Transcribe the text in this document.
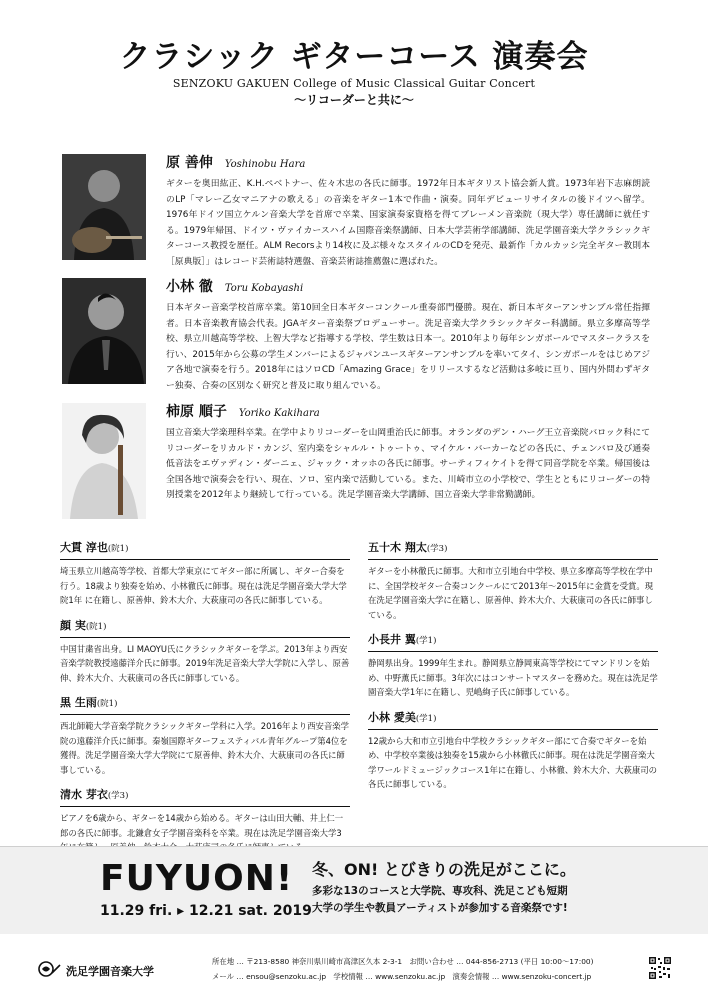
クラシック ギターコース 演奏会
SENZOKU GAKUEN College of Music Classical Guitar Concert
～リコーダーと共に～
原 善伸 Yoshinobu Hara
ギターを奥田紘正、K.H.ペベトナー、佐々木忠の各氏に師事。1972年日本ギタリスト協会新人賞。1973年岩下志麻朗読のLP「マレー乙女マニアナの歌える」の音楽をギター1本で作曲・演奏。同年デビューリサイタルの後ドイツへ留学。1976年ドイツ国立ケルン音楽大学を首席で卒業、国家演奏家資格を得てブレーメン音楽院（現大学）専任講師に就任する。1979年帰国、ドイツ・ヴァイカースハイム国際音楽祭講師、日本大学芸術学部講師、洗足学園音楽大学クラシックギターコース教授を歴任。ALM Recorsより14枚に及ぶ様々なスタイルのCDを発売、最新作「カルカッシ完全ギター教則本［原典版］」はレコード芸術誌特選盤、音楽芸術誌推薦盤に選ばれた。
小林 徹 Toru Kobayashi
日本ギター音楽学校首席卒業。第10回全日本ギターコンクール重奏部門優勝。現在、新日本ギターアンサンブル常任指揮者。日本音楽教育協会代表。JGAギター音楽祭プロデューサー。洗足音楽大学クラシックギター科講師。県立多摩高等学校、県立川越高等学校、上智大学など指導する学校、学生数は日本一。2010年より毎年シンガポールでマスタークラスを行い、2015年から公募の学生メンバーによるジャパンユースギターアンサンブルを率いてタイ、シンガポールをはじめアジア各地で演奏を行う。2018年にはソロCD「Amazing Grace」をリリースするなど活動は多岐に亘り、国内外問わずギター独奏、合奏の区別なく研究と普及に取り組んでいる。
柿原 順子 Yoriko Kakihara
国立音楽大学楽理科卒業。在学中よりリコーダーを山岡重治氏に師事。オランダのデン・ハーグ王立音楽院バロック科にてリコーダーをリカルド・カンジ、室内楽をシャルル・トゥートゥ、マイケル・バーカーなどの各氏に、チェンバロ及び通奏低音法をエヴァディン・ダーニェ、ジャック・オッホの各氏に師事。サーティフィケイトを得て同音学院を卒業。帰国後は全国各地で演奏会を行い、現在、ソロ、室内楽で活動している。また、川崎市立の小学校で、学生とともにリコーダーの特別授業を2012年より継続して行っている。洗足学園音楽大学講師、国立音楽大学非常勤講師。
大貫 淳也(院1)
埼玉県立川越高等学校、首都大学東京にてギター部に所属し、ギター合奏を行う。18歳より独奏を始め、小林徹氏に師事。現在は洗足学園音楽大学大学院1年 に在籍し、原善伸、鈴木大介、大萩康司の各氏に師事している。
顔 実(院1)
中国甘粛省出身。LI MAOYU氏にクラシックギターを学ぶ。2013年より西安音楽学院教授遠藤洋介氏に師事。2019年洗足音楽大学大学院に入学し、原善伸、鈴木大介、大萩康司の各氏に師事している。
黒 生雨(院1)
西北師範大学音楽学院クラシックギター学科に入学。2016年より西安音楽学院の遠藤洋介氏に師事。秦嶺国際ギターフェスティバル青年グループ第4位を獲得。洗足学園音楽大学大学院にて原善伸、鈴木大介、大萩康司の各氏に師事している。
清水 芽衣(学3)
ピアノを6歳から、ギターを14歳から始める。ギターは山田大輔、井上仁一郎の各氏に師事。北鎌倉女子学園音楽科を卒業。現在は洗足学園音楽大学3
五十木 翔太(学3)
ギターを小林徹氏に師事。大和市立引地台中学校、県立多摩高等学校在学中に、全国学校ギター合奏コンクールにて2013年～2015年に金賞を受賞。現在洗足学園音楽大学に在籍し、原善伸、鈴木大介、大萩康司の各氏に師事している。
小長井 翼(学1)
静岡県出身。1999年生まれ。静岡県立静岡東高等学校にてマンドリンを始め、中野薫氏に師事。3年次にはコンサートマスターを務めた。現在は洗足学園音楽大学1年に在籍し、児嶋絢子氏に師事している。
小林 愛美(学1)
12歳から大和市立引地台中学校クラシックギター部にて合奏でギターを始め、中学校卒業後は独奏を15歳から小林徹氏に師事。現在は洗足学園音楽大学ワールドミュージックコース1年に在籍し、小林徹、鈴木大介、大萩康司の各氏に師事している。
FUYUON!
11.29 fri. ▸ 12.21 sat. 2019
冬、ON! とびきりの洗足がここに。
多彩な13のコースと大学院、専攻科、洗足こども短期
大学の学生や教員アーティストが参加する音楽祭です!
洗足学園音楽大学
所在地 … 〒213-8580 神奈川県川崎市高津区久本 2-3-1　お問い合わせ … 044-856-2713 (平日 10:00〜17:00)
メール … ensou@senzoku.ac.jp　学校情報 … www.senzoku.ac.jp　演奏会情報 … www.senzoku-concert.jp
